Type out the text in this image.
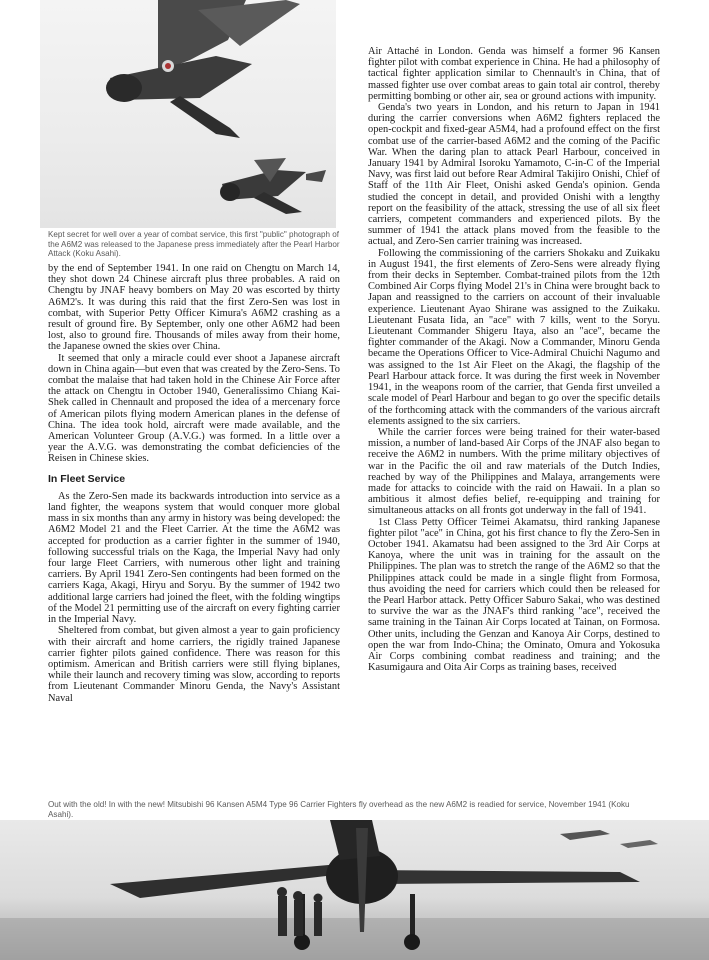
Kept secret for well over a year of combat service, this first "public" photograph of the A6M2 was released to the Japanese press immediately after the Pearl Harbor Attack (Koku Asahi).

by the end of September 1941. In one raid on Chengtu on March 14, they shot down 24 Chinese aircraft plus three probables. A raid on Chengtu by JNAF heavy bombers on May 20 was escorted by thirty A6M2's. It was during this raid that the first Zero-Sen was lost in combat, with Superior Petty Officer Kimura's A6M2 crashing as a result of ground fire. By September, only one other A6M2 had been lost, also to ground fire. Thousands of miles away from their home, the Japanese owned the skies over China.

It seemed that only a miracle could ever shoot a Japanese aircraft down in China again—but even that was created by the Zero-Sens. To combat the malaise that had taken hold in the Chinese Air Force after the attack on Chengtu in October 1940, Generalissimo Chiang Kai-Shek called in Chennault and proposed the idea of a mercenary force of American pilots flying modern American planes in the defense of China. The idea took hold, aircraft were made available, and the American Volunteer Group (A.V.G.) was formed. In a little over a year the A.V.G. was demonstrating the combat deficiencies of the Reisen in Chinese skies.

In Fleet Service

As the Zero-Sen made its backwards introduction into service as a land fighter, the weapons system that would conquer more global mass in six months than any army in history was being developed: the A6M2 Model 21 and the Fleet Carrier. At the time the A6M2 was accepted for production as a carrier fighter in the summer of 1940, following successful trials on the Kaga, the Imperial Navy had only four large Fleet Carriers, with numerous other light and training carriers. By April 1941 Zero-Sen contingents had been formed on the carriers Kaga, Akagi, Hiryu and Soryu. By the summer of 1942 two additional large carriers had joined the fleet, with the folding wingtips of the Model 21 permitting use of the aircraft on every fighting carrier in the Imperial Navy.

Sheltered from combat, but given almost a year to gain proficiency with their aircraft and home carriers, the rigidly trained Japanese carrier fighter pilots gained confidence. There was reason for this optimism. American and British carriers were still flying biplanes, while their launch and recovery timing was slow, according to reports from Lieutenant Commander Minoru Genda, the Navy's Assistant Naval

Air Attaché in London. Genda was himself a former 96 Kansen fighter pilot with combat experience in China. He had a philosophy of tactical fighter application similar to Chennault's in China, that of massed fighter use over combat areas to gain total air control, thereby permitting bombing or other air, sea or ground actions with impunity.

Genda's two years in London, and his return to Japan in 1941 during the carrier conversions when A6M2 fighters replaced the open-cockpit and fixed-gear A5M4, had a profound effect on the first combat use of the carrier-based A6M2 and the coming of the Pacific War. When the daring plan to attack Pearl Harbour, conceived in January 1941 by Admiral Isoroku Yamamoto, C-in-C of the Imperial Navy, was first laid out before Rear Admiral Takijiro Onishi, Chief of Staff of the 11th Air Fleet, Onishi asked Genda's opinion. Genda studied the concept in detail, and provided Onishi with a lengthy report on the feasibility of the attack, stressing the use of all six fleet carriers, competent commanders and experienced pilots. By the summer of 1941 the attack plans moved from the feasible to the actual, and Zero-Sen carrier training was increased.

Following the commissioning of the carriers Shokaku and Zuikaku in August 1941, the first elements of Zero-Sens were already flying from their decks in September. Combat-trained pilots from the 12th Combined Air Corps flying Model 21's in China were brought back to Japan and reassigned to the carriers on account of their invaluable experience. Lieutenant Ayao Shirane was assigned to the Zuikaku. Lieutenant Fusata Iida, an "ace" with 7 kills, went to the Soryu. Lieutenant Commander Shigeru Itaya, also an "ace", became the fighter commander of the Akagi. Now a Commander, Minoru Genda became the Operations Officer to Vice-Admiral Chuichi Nagumo and was assigned to the 1st Air Fleet on the Akagi, the flagship of the Pearl Harbour attack force. It was during the first week in November 1941, in the weapons room of the carrier, that Genda first unveiled a scale model of Pearl Harbour and began to go over the specific details of the forthcoming attack with the commanders of the various aircraft elements assigned to the six carriers.

While the carrier forces were being trained for their water-based mission, a number of land-based Air Corps of the JNAF also began to receive the A6M2 in numbers. With the prime military objectives of war in the Pacific the oil and raw materials of the Dutch Indies, reached by way of the Philippines and Malaya, arrangements were made for attacks to coincide with the raid on Hawaii. In a plan so ambitious it almost defies belief, re-equipping and training for simultaneous attacks on all fronts got underway in the fall of 1941.

1st Class Petty Officer Teimei Akamatsu, third ranking Japanese fighter pilot "ace" in China, got his first chance to fly the Zero-Sen in October 1941. Akamatsu had been assigned to the 3rd Air Corps at Kanoya, where the unit was in training for the assault on the Philippines. The plan was to stretch the range of the A6M2 so that the Philippines attack could be made in a single flight from Formosa, thus avoiding the need for carriers which could then be released for the Pearl Harbor attack. Petty Officer Saburo Sakai, who was destined to survive the war as the JNAF's third ranking "ace", received the same training in the Tainan Air Corps located at Tainan, on Formosa. Other units, including the Genzan and Kanoya Air Corps, destined to open the war from Indo-China; the Ominato, Omura and Yokosuka Air Corps combining combat readiness and training; and the Kasumigaura and Oita Air Corps as training bases, received

Out with the old! In with the new! Mitsubishi 96 Kansen A5M4 Type 96 Carrier Fighters fly overhead as the new A6M2 is readied for service, November 1941 (Koku Asahi).
